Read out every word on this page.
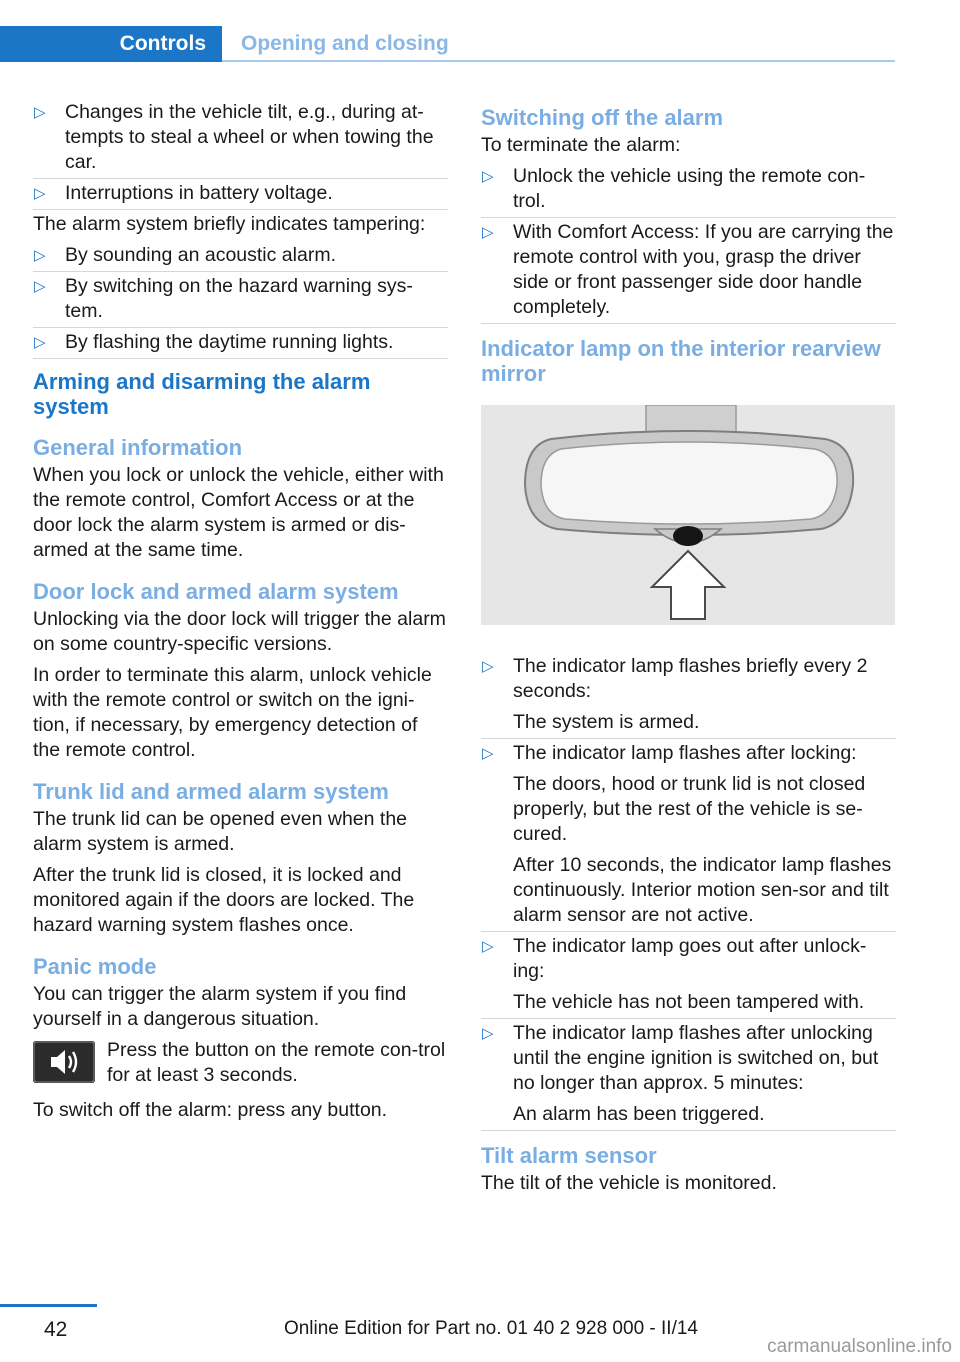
Controls	Opening and closing
▷ Changes in the vehicle tilt, e.g., during at-tempts to steal a wheel or when towing the car.
▷ Interruptions in battery voltage.

The alarm system briefly indicates tampering:

▷ By sounding an acoustic alarm.
▷ By switching on the hazard warning sys-tem.
▷ By flashing the daytime running lights.
Arming and disarming the alarm system
General information

When you lock or unlock the vehicle, either with the remote control, Comfort Access or at the door lock the alarm system is armed or dis-armed at the same time.

Door lock and armed alarm system

Unlocking via the door lock will trigger the alarm on some country-specific versions.

In order to terminate this alarm, unlock vehicle with the remote control or switch on the igni-tion, if necessary, by emergency detection of the remote control.

Trunk lid and armed alarm system

The trunk lid can be opened even when the alarm system is armed.

After the trunk lid is closed, it is locked and monitored again if the doors are locked. The hazard warning system flashes once.

Panic mode

You can trigger the alarm system if you find yourself in a dangerous situation.

Press the button on the remote con-trol for at least 3 seconds.

To switch off the alarm: press any button.

Switching off the alarm

To terminate the alarm:

▷ Unlock the vehicle using the remote con-trol.
▷ With Comfort Access: If you are carrying the remote control with you, grasp the driver side or front passenger side door handle completely.
Indicator lamp on the interior rearview mirror
▷ The indicator lamp flashes briefly every 2 seconds:
The system is armed.
▷ The indicator lamp flashes after locking:
The doors, hood or trunk lid is not closed properly, but the rest of the vehicle is se-cured.
After 10 seconds, the indicator lamp flashes continuously. Interior motion sen-sor and tilt alarm sensor are not active.
▷ The indicator lamp goes out after unlock-ing:
The vehicle has not been tampered with.
▷ The indicator lamp flashes after unlocking until the engine ignition is switched on, but no longer than approx. 5 minutes:
An alarm has been triggered.
Tilt alarm sensor

The tilt of the vehicle is monitored.

42	Online Edition for Part no. 01 40 2 928 000 - II/14
carmanualsonline.info
